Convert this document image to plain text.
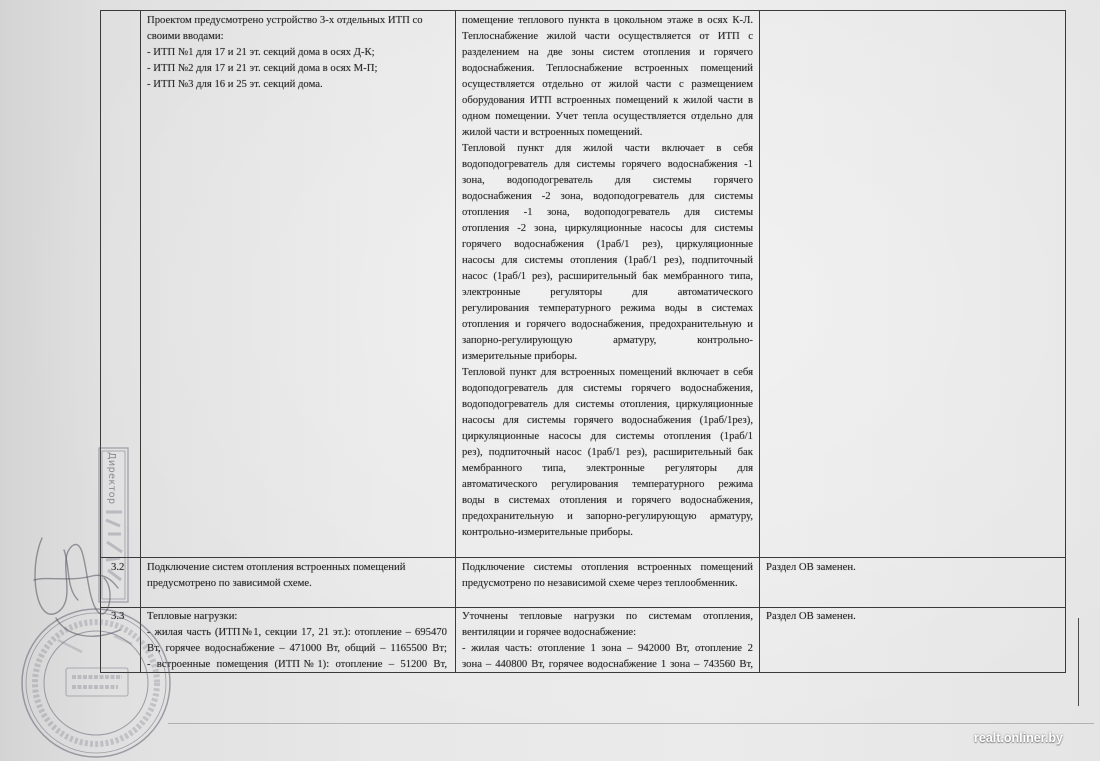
Проектом предусмотрено устройство 3-х отдельных ИТП со
своими вводами:
- ИТП №1 для 17 и 21 эт. секций дома в осях Д-К;
- ИТП №2 для 17 и 21 эт. секций дома в осях М-П;
- ИТП №3 для 16 и 25 эт. секций дома.
помещение теплового пункта в цокольном этаже в осях К-Л.
Теплоснабжение жилой части осуществляется от ИТП с
разделением на две зоны систем отопления и горячего
водоснабжения. Теплоснабжение встроенных помещений
осуществляется отдельно от жилой части с размещением
оборудования ИТП встроенных помещений к жилой части в
одном помещении. Учет тепла осуществляется отдельно для
жилой части и встроенных помещений.
Тепловой пункт для жилой части включает в себя
водоподогреватель для системы горячего водоснабжения -1
зона, водоподогреватель для системы горячего
водоснабжения -2 зона, водоподогреватель для системы
отопления -1 зона, водоподогреватель для системы
отопления -2 зона, циркуляционные насосы для системы
горячего водоснабжения (1раб/1 рез), циркуляционные
насосы для системы отопления (1раб/1 рез), подпиточный
насос (1раб/1 рез), расширительный бак мембранного типа,
электронные регуляторы для автоматического
регулирования температурного режима воды в системах
отопления и горячего водоснабжения, предохранительную и
запорно-регулирующую арматуру, контрольно-
измерительные приборы.
Тепловой пункт для встроенных помещений включает в себя
водоподогреватель для системы горячего водоснабжения,
водоподогреватель для системы отопления, циркуляционные
насосы для системы горячего водоснабжения (1раб/1рез),
циркуляционные насосы для системы отопления (1раб/1
рез), подпиточный насос (1раб/1 рез), расширительный бак
мембранного типа, электронные регуляторы для
автоматического регулирования температурного режима
воды в системах отопления и горячего водоснабжения,
предохранительную и запорно-регулирующую арматуру,
контрольно-измерительные приборы.
3.2	Подключение систем отопления встроенных помещений
предусмотрено по зависимой схеме.
Подключение системы отопления встроенных помещений
предусмотрено по независимой схеме через теплообменник.
Раздел ОВ заменен.
3.3	Тепловые нагрузки:
- жилая часть (ИТП№1, секции 17, 21 эт.): отопление – 695470
Вт, горячее водоснабжение – 471000 Вт, общий – 1165500 Вт;
- встроенные помещения (ИТП№1): отопление – 51200 Вт,
Уточнены тепловые нагрузки по системам отопления,
вентиляции и горячее водоснабжение:
- жилая часть: отопление 1 зона – 942000 Вт, отопление 2
зона – 440800 Вт, горячее водоснабжение 1 зона – 743560 Вт,
Раздел ОВ заменен.
Директор
realt.onliner.by
